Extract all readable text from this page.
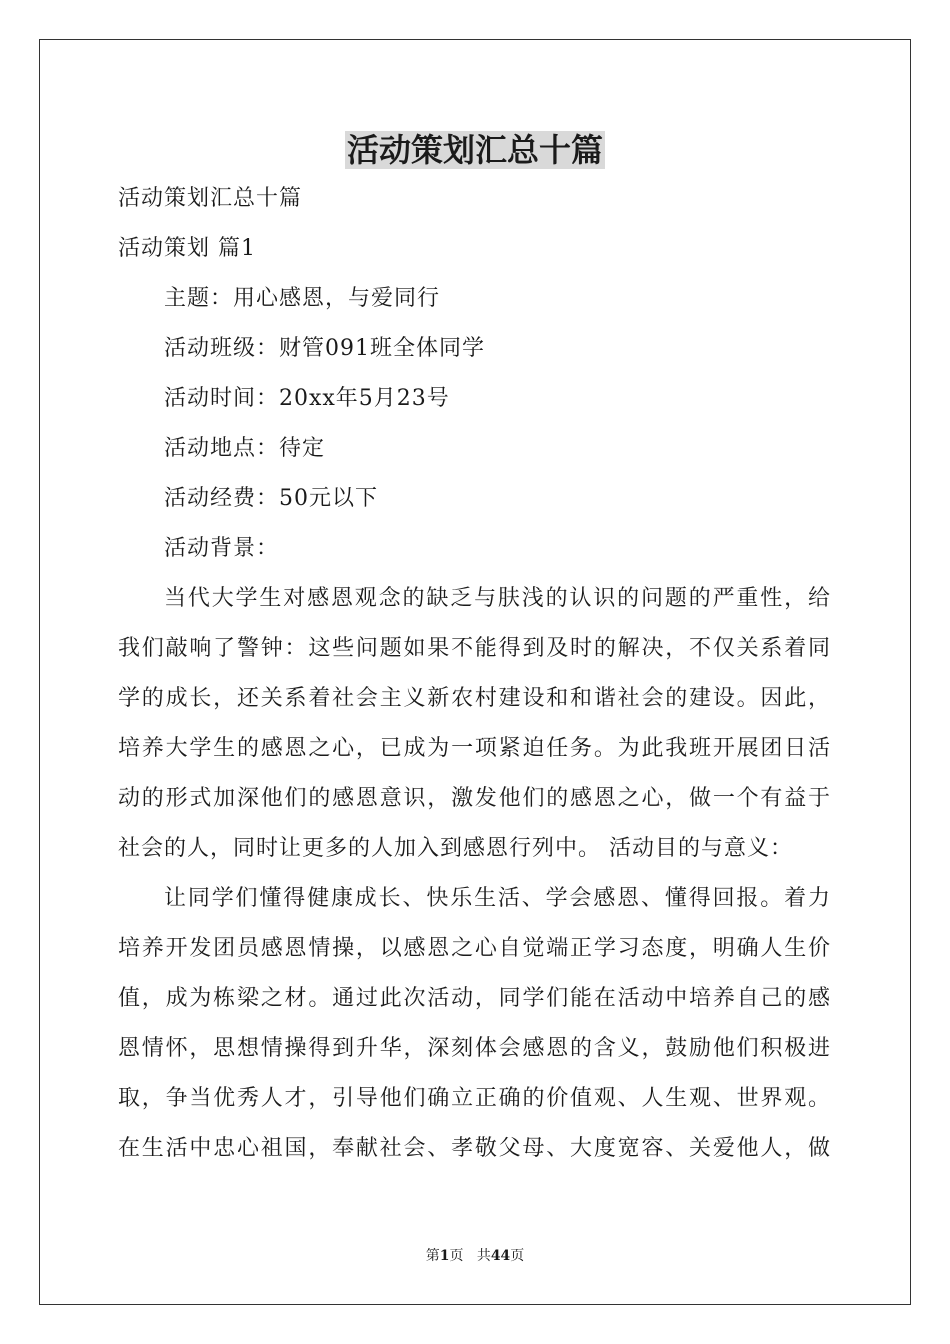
活动策划汇总十篇
活动策划汇总十篇
活动策划 篇1
主题：用心感恩，与爱同行
活动班级：财管091班全体同学
活动时间：20xx年5月23号
活动地点：待定
活动经费：50元以下
活动背景：
当代大学生对感恩观念的缺乏与肤浅的认识的问题的严重性，给
我们敲响了警钟：这些问题如果不能得到及时的解决，不仅关系着同
学的成长，还关系着社会主义新农村建设和和谐社会的建设。因此，
培养大学生的感恩之心，已成为一项紧迫任务。为此我班开展团日活
动的形式加深他们的感恩意识，激发他们的感恩之心，做一个有益于
社会的人，同时让更多的人加入到感恩行列中。 活动目的与意义：
让同学们懂得健康成长、快乐生活、学会感恩、懂得回报。着力
培养开发团员感恩情操，以感恩之心自觉端正学习态度，明确人生价
值，成为栋梁之材。通过此次活动，同学们能在活动中培养自己的感
恩情怀，思想情操得到升华，深刻体会感恩的含义，鼓励他们积极进
取，争当优秀人才，引导他们确立正确的价值观、人生观、世界观。
在生活中忠心祖国，奉献社会、孝敬父母、大度宽容、关爱他人，做
第1页 共44页
